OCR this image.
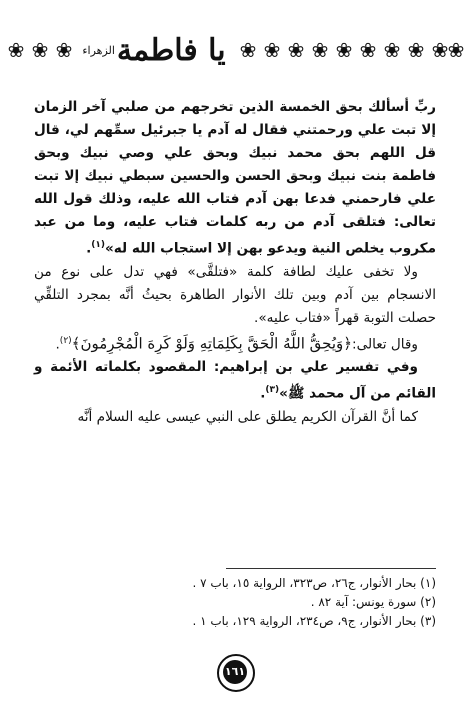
❀ ❀ ❀	يا فاطمة$^{الزهراء}$	❀ ❀ ❀ ❀ ❀ ❀ ❀ ❀ ❀ ❀

ربِّ أسألك بحق الخمسة الذين تخرجهم من صلبي آخر الزمان إلا تبت علي ورحمتني فقال له آدم يا جبرئيل سمِّهم لي، قال قل اللهم بحق محمد نبيك وبحق علي وصي نبيك وبحق فاطمة بنت نبيك وبحق الحسن والحسين سبطي نبيك إلا تبت علي فارحمني فدعا بهن آدم فتاب الله عليه، وذلك قول الله تعالى: فتلقى آدم من ربه كلمات فتاب عليه، وما من عبد مكروب يخلص النية ويدعو بهن إلا استجاب الله له»$^{(١)}$.

ولا تخفى عليك لطافة كلمة «فتلقَّى» فهي تدل على نوع من الانسجام بين آدم وبين تلك الأنوار الطاهرة بحيثُ أنَّه بمجرد التلقِّي حصلت التوبة قهراً «فتاب عليه».

وقال تعالى:﴿وَيُحِقُّ اللَّهُ الْحَقَّ بِكَلِمَاتِهِ وَلَوْ كَرِهَ الْمُجْرِمُونَ﴾$^{(٢)}$.

وفي تفسير علي بن إبراهيم: المقصود بكلماته الأئمة و القائم من آل محمد ﷺ»$^{(٣)}$.

كما أنَّ القرآن الكريم يطلق على النبي عيسى عليه السلام أنَّه

(١) بحار الأنوار، ج٢٦، ص٣٢٣، الرواية ١٥، باب ٧ .
(٢) سورة يونس: آية ٨٢ .
(٣) بحار الأنوار، ج٩، ص٢٣٤، الرواية ١٢٩، باب ١ .
١٦١
